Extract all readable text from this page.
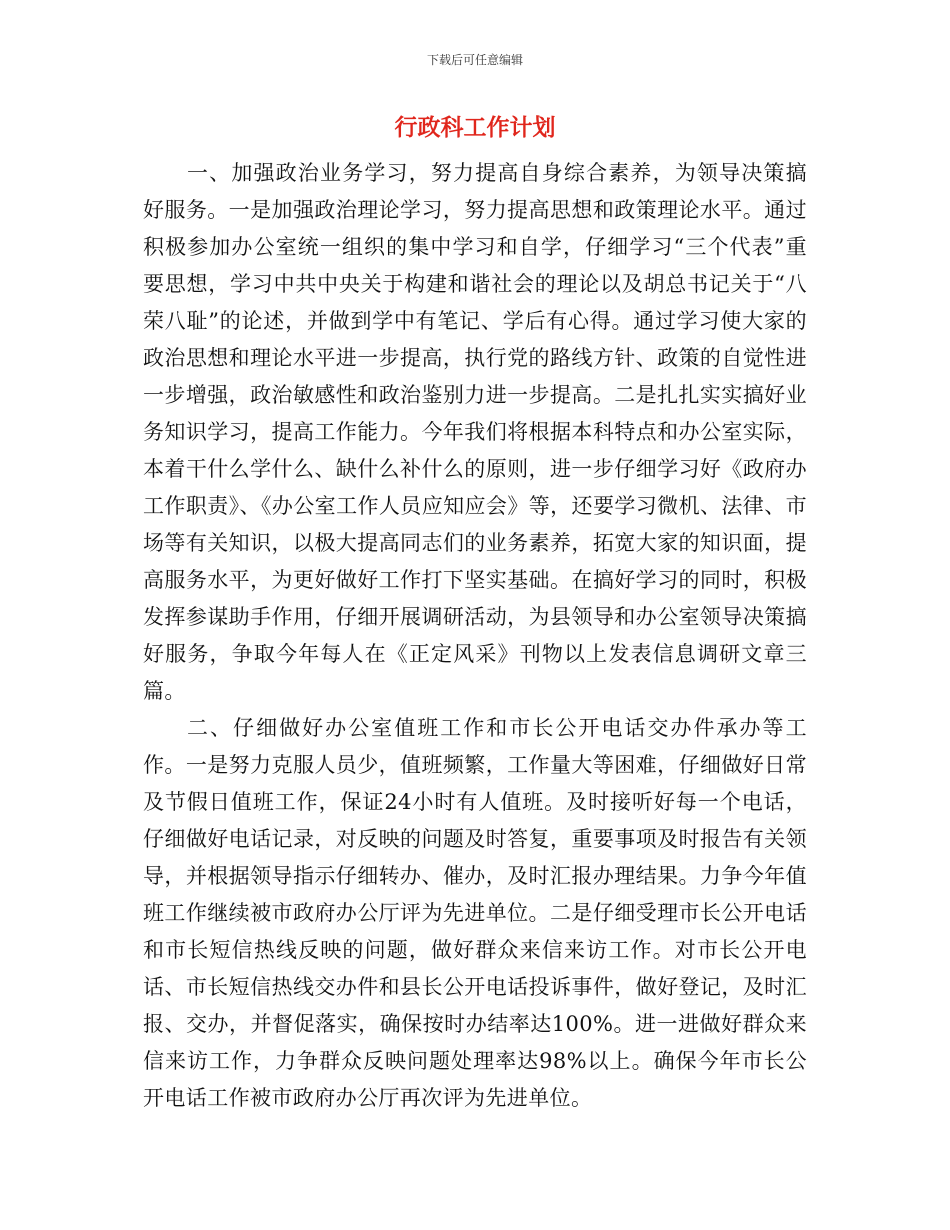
下载后可任意编辑
行政科工作计划

一、加强政治业务学习，努力提高自身综合素养，为领导决策搞好服务。一是加强政治理论学习，努力提高思想和政策理论水平。通过积极参加办公室统一组织的集中学习和自学，仔细学习“三个代表”重要思想，学习中共中央关于构建和谐社会的理论以及胡总书记关于“八荣八耻”的论述，并做到学中有笔记、学后有心得。通过学习使大家的政治思想和理论水平进一步提高，执行党的路线方针、政策的自觉性进一步增强，政治敏感性和政治鉴别力进一步提高。二是扎扎实实搞好业务知识学习，提高工作能力。今年我们将根据本科特点和办公室实际，本着干什么学什么、缺什么补什么的原则，进一步仔细学习好《政府办工作职责》、《办公室工作人员应知应会》等，还要学习微机、法律、市场等有关知识，以极大提高同志们的业务素养，拓宽大家的知识面，提高服务水平，为更好做好工作打下坚实基础。在搞好学习的同时，积极发挥参谋助手作用，仔细开展调研活动，为县领导和办公室领导决策搞好服务，争取今年每人在《正定风采》刊物以上发表信息调研文章三篇。

二、仔细做好办公室值班工作和市长公开电话交办件承办等工作。一是努力克服人员少，值班频繁，工作量大等困难，仔细做好日常及节假日值班工作，保证24小时有人值班。及时接听好每一个电话，仔细做好电话记录，对反映的问题及时答复，重要事项及时报告有关领导，并根据领导指示仔细转办、催办，及时汇报办理结果。力争今年值班工作继续被市政府办公厅评为先进单位。二是仔细受理市长公开电话和市长短信热线反映的问题，做好群众来信来访工作。对市长公开电话、市长短信热线交办件和县长公开电话投诉事件，做好登记，及时汇报、交办，并督促落实，确保按时办结率达100%。进一进做好群众来信来访工作，力争群众反映问题处理率达98%以上。确保今年市长公开电话工作被市政府办公厅再次评为先进单位。
